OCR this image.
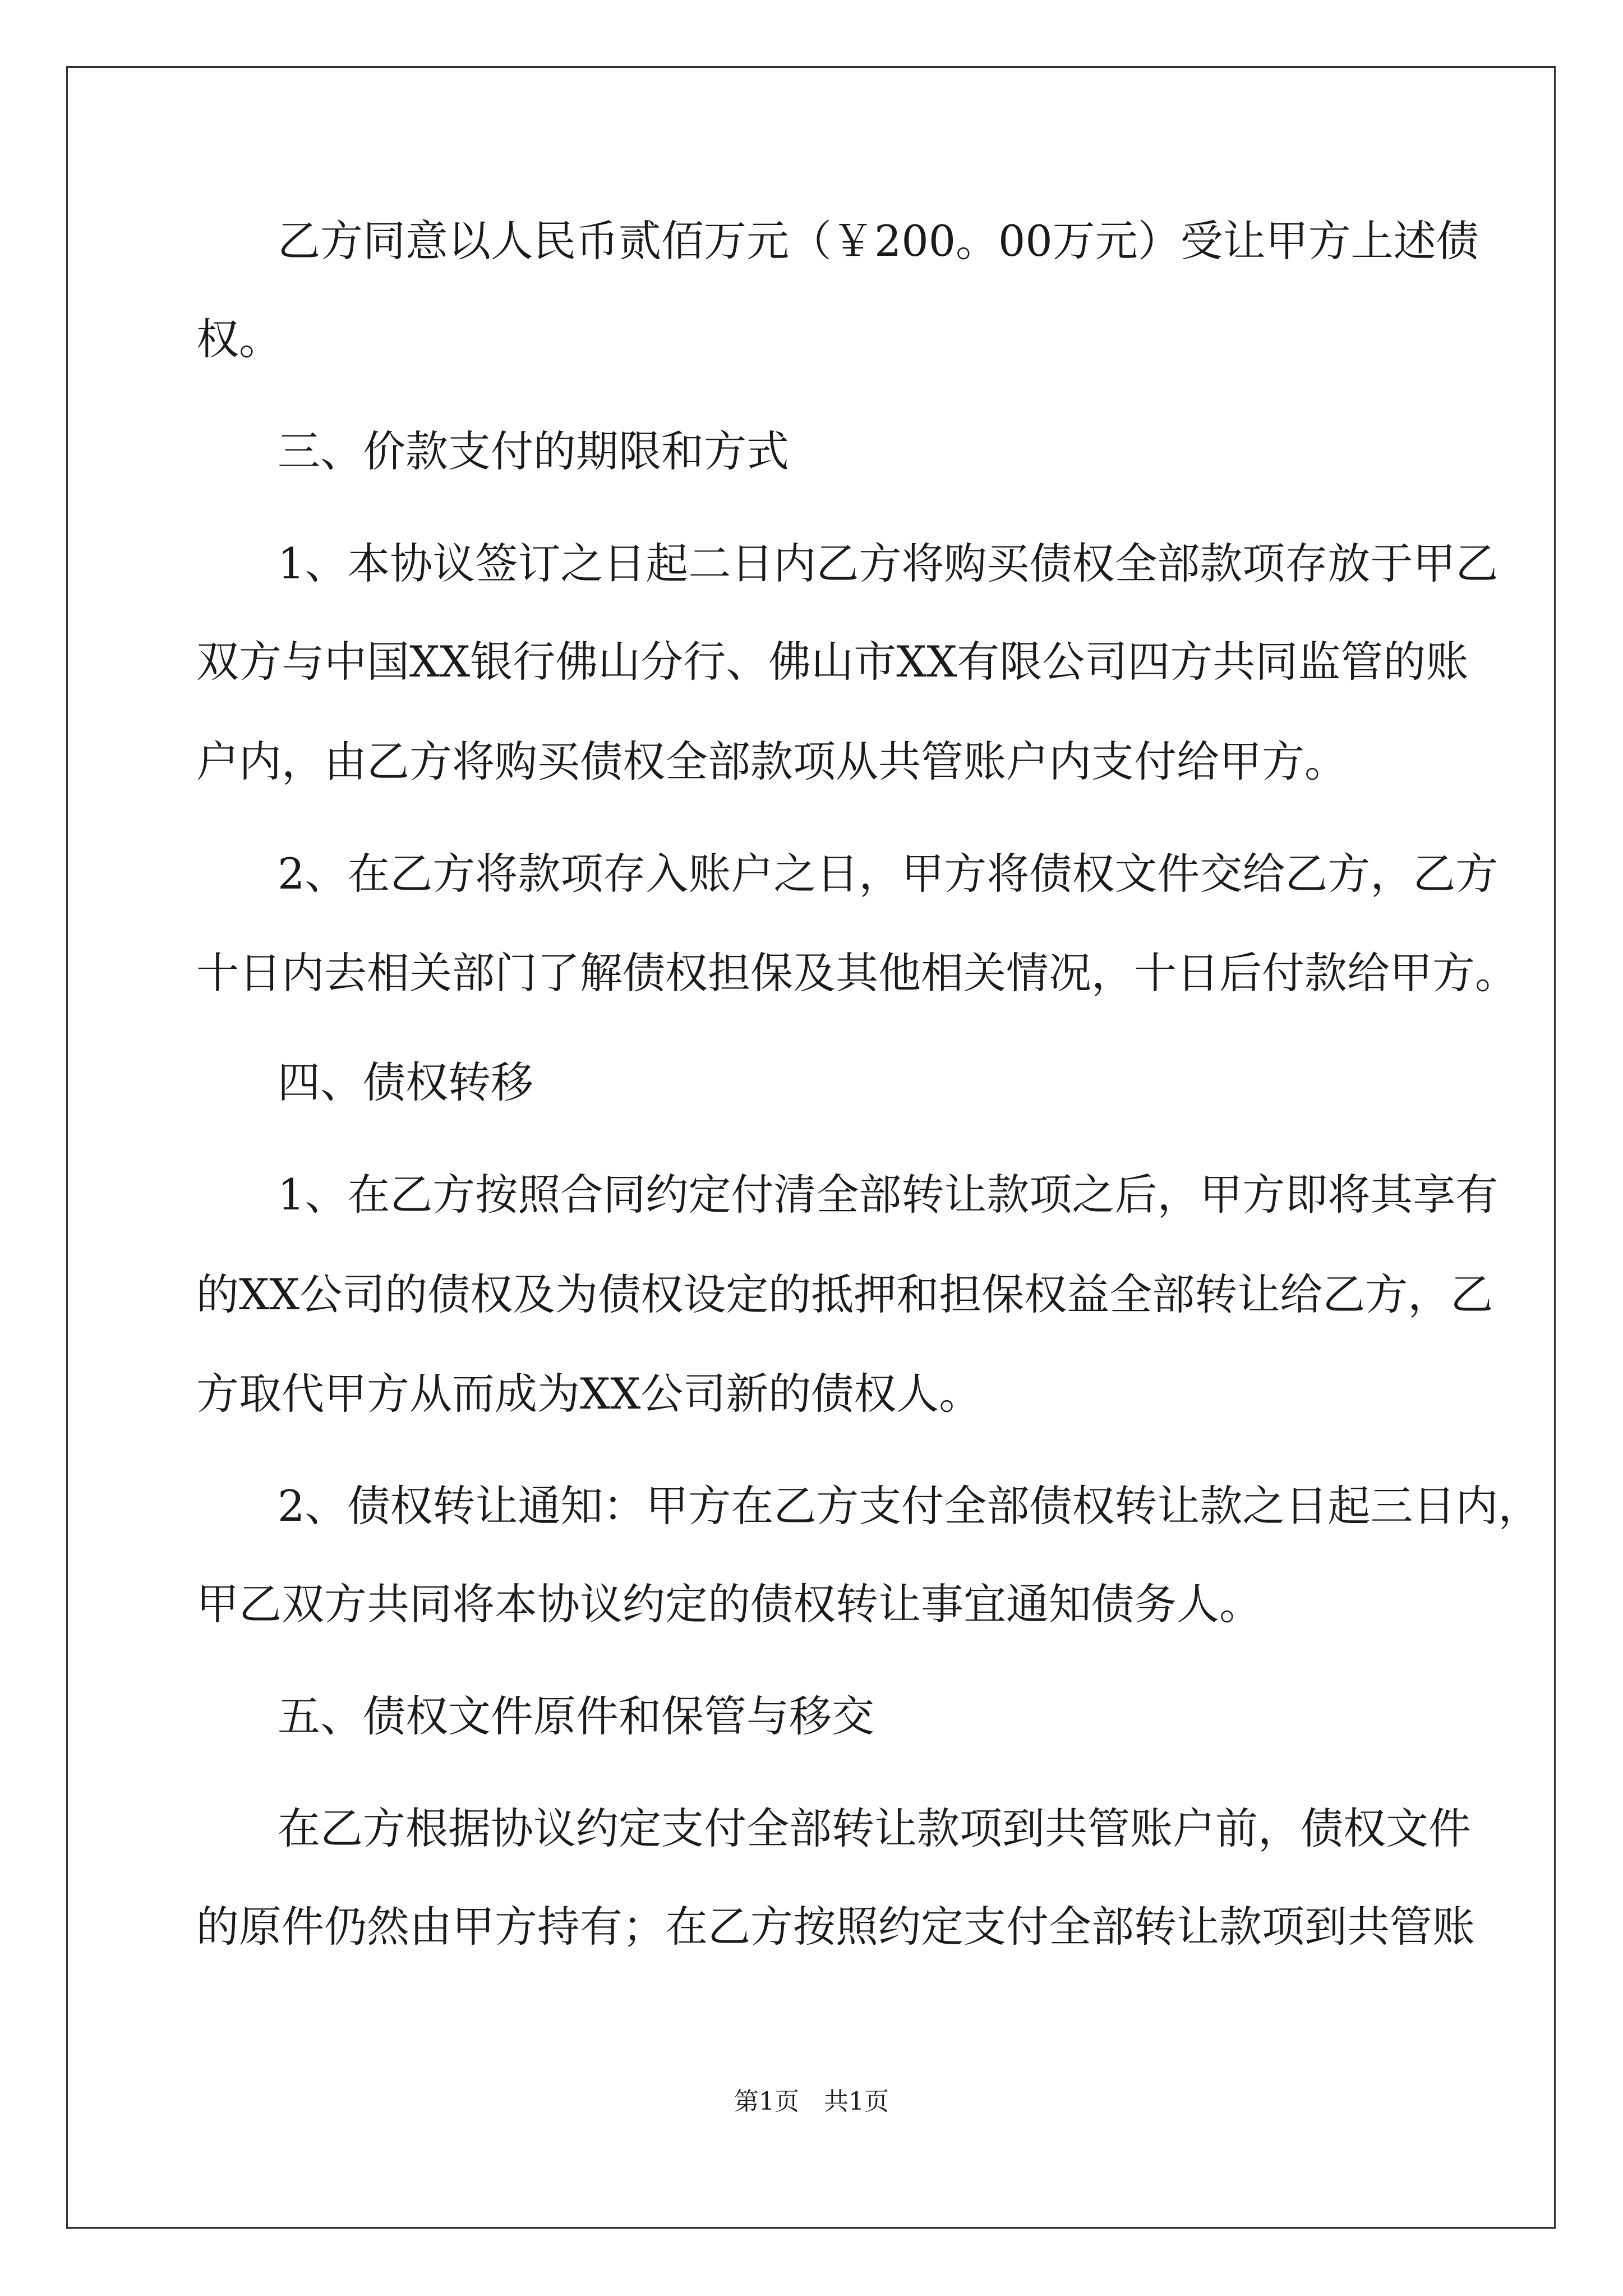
乙方同意以人民币贰佰万元（￥200。00万元）受让甲方上述债
权。
三、价款支付的期限和方式
1、本协议签订之日起二日内乙方将购买债权全部款项存放于甲乙
双方与中国XX银行佛山分行、佛山市XX有限公司四方共同监管的账
户内，由乙方将购买债权全部款项从共管账户内支付给甲方。
2、在乙方将款项存入账户之日，甲方将债权文件交给乙方，乙方
十日内去相关部门了解债权担保及其他相关情况，十日后付款给甲方。
四、债权转移
1、在乙方按照合同约定付清全部转让款项之后，甲方即将其享有
的XX公司的债权及为债权设定的抵押和担保权益全部转让给乙方，乙
方取代甲方从而成为XX公司新的债权人。
2、债权转让通知：甲方在乙方支付全部债权转让款之日起三日内，
甲乙双方共同将本协议约定的债权转让事宜通知债务人。
五、债权文件原件和保管与移交
在乙方根据协议约定支付全部转让款项到共管账户前，债权文件
的原件仍然由甲方持有；在乙方按照约定支付全部转让款项到共管账
第1页　共1页
